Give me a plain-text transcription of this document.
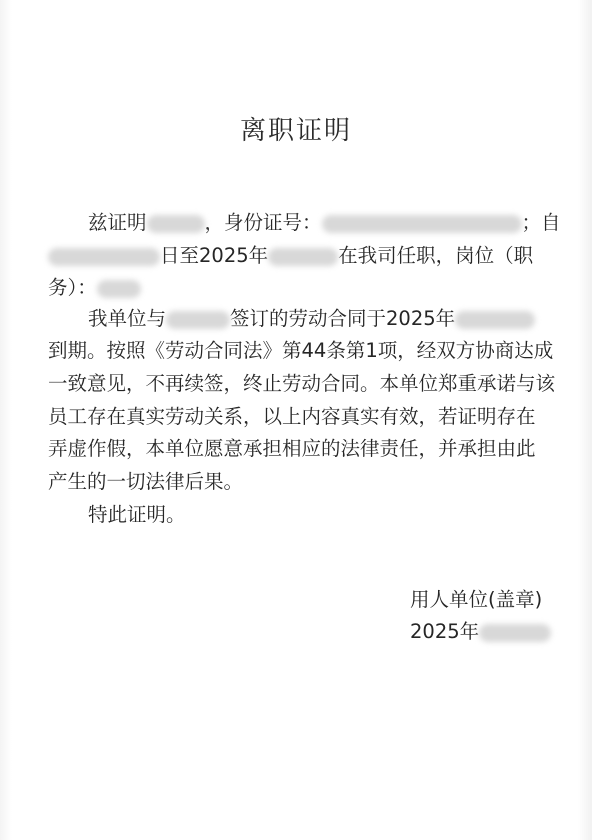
离职证明
兹证明	，身份证号：	；自
日至2025年	在我司任职，岗位（职
务）：
我单位与	签订的劳动合同于2025年
到期。按照《劳动合同法》第44条第1项，经双方协商达成
一致意见，不再续签，终止劳动合同。本单位郑重承诺与该
员工存在真实劳动关系，以上内容真实有效，若证明存在
弄虚作假，本单位愿意承担相应的法律责任，并承担由此
产生的一切法律后果。
特此证明。
用人单位(盖章)
2025年
